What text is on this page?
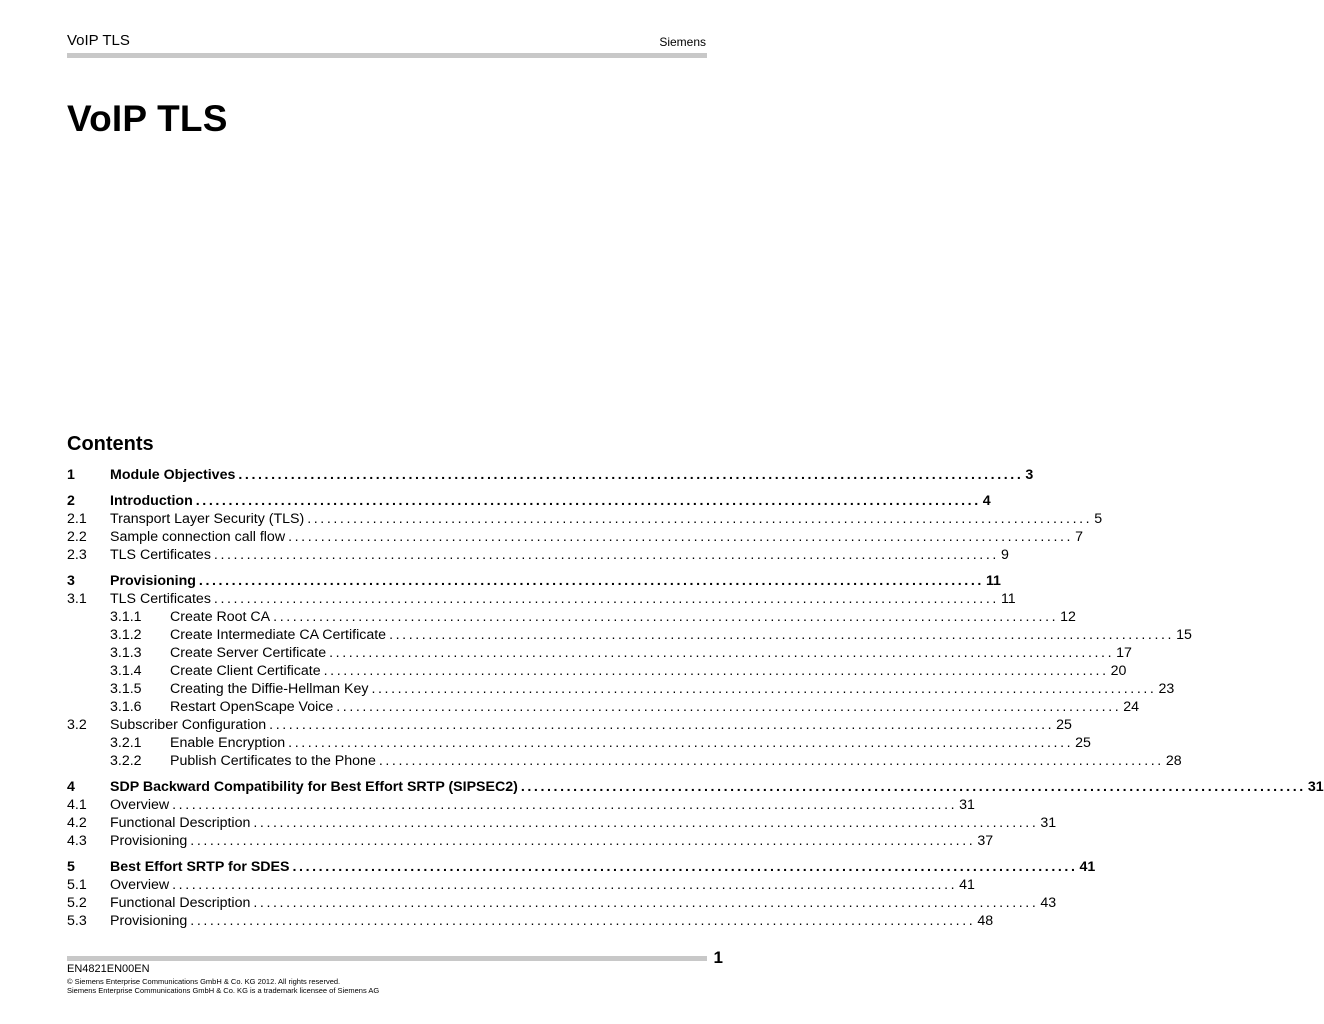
VoIP TLS	Siemens
VoIP TLS
Contents
1 Module Objectives ........................................................................................................................ 3
2 Introduction ........................................................................................................................ 4
2.1 Transport Layer Security (TLS) ........................................................................................................................ 5
2.2 Sample connection call flow ........................................................................................................................ 7
2.3 TLS Certificates ........................................................................................................................ 9
3 Provisioning ........................................................................................................................ 11
3.1 TLS Certificates ........................................................................................................................ 11
3.1.1 Create Root CA ........................................................................................................................ 12
3.1.2 Create Intermediate CA Certificate ........................................................................................................................ 15
3.1.3 Create Server Certificate ........................................................................................................................ 17
3.1.4 Create Client Certificate ........................................................................................................................ 20
3.1.5 Creating the Diffie-Hellman Key ........................................................................................................................ 23
3.1.6 Restart OpenScape Voice ........................................................................................................................ 24
3.2 Subscriber Configuration ........................................................................................................................ 25
3.2.1 Enable Encryption ........................................................................................................................ 25
3.2.2 Publish Certificates to the Phone ........................................................................................................................ 28
4 SDP Backward Compatibility for Best Effort SRTP (SIPSEC2) ........................................................................................................................ 31
4.1 Overview ........................................................................................................................ 31
4.2 Functional Description ........................................................................................................................ 31
4.3 Provisioning ........................................................................................................................ 37
5 Best Effort SRTP for SDES ........................................................................................................................ 41
5.1 Overview ........................................................................................................................ 41
5.2 Functional Description ........................................................................................................................ 43
5.3 Provisioning ........................................................................................................................ 48
1
EN4821EN00EN
© Siemens Enterprise Communications GmbH & Co. KG 2012. All rights reserved.
Siemens Enterprise Communications GmbH & Co. KG is a trademark licensee of Siemens AG
